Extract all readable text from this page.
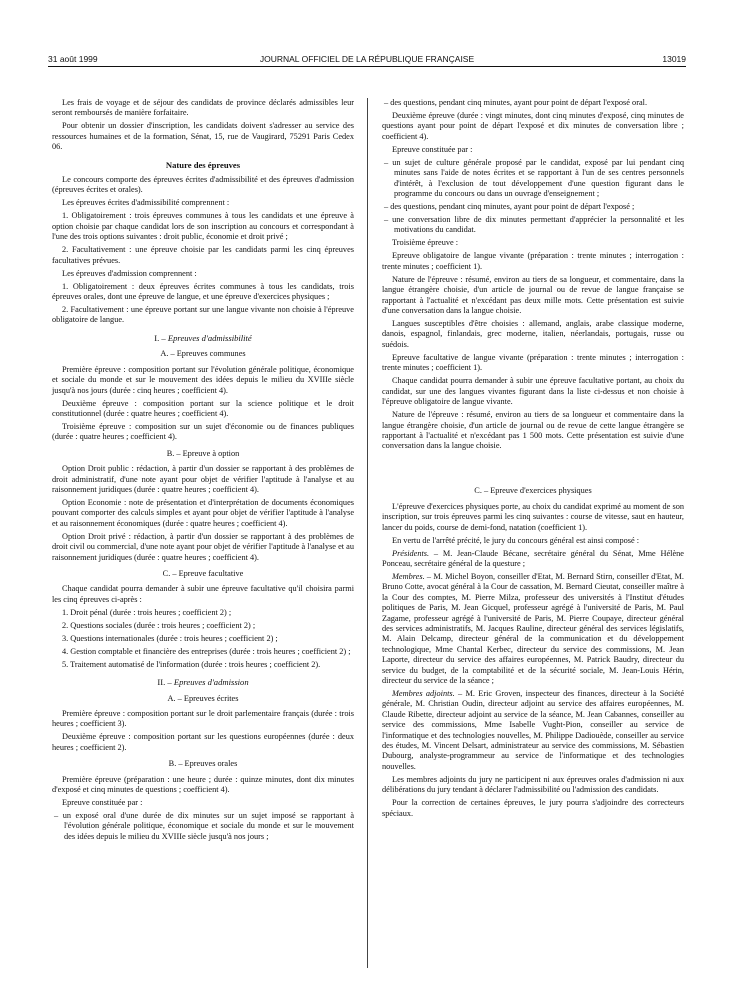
31 août 1999	JOURNAL OFFICIEL DE LA RÉPUBLIQUE FRANÇAISE	13019

Les frais de voyage et de séjour des candidats de province déclarés admissibles leur seront remboursés de manière forfaitaire.

Pour obtenir un dossier d'inscription, les candidats doivent s'adresser au service des ressources humaines et de la formation, Sénat, 15, rue de Vaugirard, 75291 Paris Cedex 06.

Nature des épreuves

Le concours comporte des épreuves écrites d'admissibilité et des épreuves d'admission (épreuves écrites et orales).

Les épreuves écrites d'admissibilité comprennent :

1. Obligatoirement : trois épreuves communes à tous les candidats et une épreuve à option choisie par chaque candidat lors de son inscription au concours et correspondant à l'une des trois options suivantes : droit public, économie et droit privé ;

2. Facultativement : une épreuve choisie par les candidats parmi les cinq épreuves facultatives prévues.

Les épreuves d'admission comprennent :

1. Obligatoirement : deux épreuves écrites communes à tous les candidats, trois épreuves orales, dont une épreuve de langue, et une épreuve d'exercices physiques ;

2. Facultativement : une épreuve portant sur une langue vivante non choisie à l'épreuve obligatoire de langue.

I. – Epreuves d'admissibilité
A. – Epreuves communes

Première épreuve : composition portant sur l'évolution générale politique, économique et sociale du monde et sur le mouvement des idées depuis le milieu du XVIIIe siècle jusqu'à nos jours (durée : cinq heures ; coefficient 4).

Deuxième épreuve : composition portant sur la science politique et le droit constitutionnel (durée : quatre heures ; coefficient 4).

Troisième épreuve : composition sur un sujet d'économie ou de finances publiques (durée : quatre heures ; coefficient 4).

B. – Epreuve à option

Option Droit public : rédaction, à partir d'un dossier se rapportant à des problèmes de droit administratif, d'une note ayant pour objet de vérifier l'aptitude à l'analyse et au raisonnement juridiques (durée : quatre heures ; coefficient 4).

Option Economie : note de présentation et d'interprétation de documents économiques pouvant comporter des calculs simples et ayant pour objet de vérifier l'aptitude à l'analyse et au raisonnement économiques (durée : quatre heures ; coefficient 4).

Option Droit privé : rédaction, à partir d'un dossier se rapportant à des problèmes de droit civil ou commercial, d'une note ayant pour objet de vérifier l'aptitude à l'analyse et au raisonnement juridiques (durée : quatre heures ; coefficient 4).

C. – Epreuve facultative

Chaque candidat pourra demander à subir une épreuve facultative qu'il choisira parmi les cinq épreuves ci-après :

1. Droit pénal (durée : trois heures ; coefficient 2) ;

2. Questions sociales (durée : trois heures ; coefficient 2) ;

3. Questions internationales (durée : trois heures ; coefficient 2) ;

4. Gestion comptable et financière des entreprises (durée : trois heures ; coefficient 2) ;

5. Traitement automatisé de l'information (durée : trois heures ; coefficient 2).

II. – Epreuves d'admission
A. – Epreuves écrites

Première épreuve : composition portant sur le droit parlementaire français (durée : trois heures ; coefficient 3).

Deuxième épreuve : composition portant sur les questions européennes (durée : deux heures ; coefficient 2).

B. – Epreuves orales

Première épreuve (préparation : une heure ; durée : quinze minutes, dont dix minutes d'exposé et cinq minutes de questions ; coefficient 4).

Epreuve constituée par :

– un exposé oral d'une durée de dix minutes sur un sujet imposé se rapportant à l'évolution générale politique, économique et sociale du monde et sur le mouvement des idées depuis le milieu du XVIIIe siècle jusqu'à nos jours ;

– des questions, pendant cinq minutes, ayant pour point de départ l'exposé oral.

Deuxième épreuve (durée : vingt minutes, dont cinq minutes d'exposé, cinq minutes de questions ayant pour point de départ l'exposé et dix minutes de conversation libre ; coefficient 4).

Epreuve constituée par :

– un sujet de culture générale proposé par le candidat, exposé par lui pendant cinq minutes sans l'aide de notes écrites et se rapportant à l'un de ses centres personnels d'intérêt, à l'exclusion de tout développement d'une question figurant dans le programme du concours ou dans un ouvrage d'enseignement ;

– des questions, pendant cinq minutes, ayant pour point de départ l'exposé ;

– une conversation libre de dix minutes permettant d'apprécier la personnalité et les motivations du candidat.

Troisième épreuve :

Epreuve obligatoire de langue vivante (préparation : trente minutes ; interrogation : trente minutes ; coefficient 1).

Nature de l'épreuve : résumé, environ au tiers de sa longueur, et commentaire, dans la langue étrangère choisie, d'un article de journal ou de revue de langue française se rapportant à l'actualité et n'excédant pas deux mille mots. Cette présentation est suivie d'une conversation dans la langue choisie.

Langues susceptibles d'être choisies : allemand, anglais, arabe classique moderne, danois, espagnol, finlandais, grec moderne, italien, néerlandais, portugais, russe ou suédois.

Epreuve facultative de langue vivante (préparation : trente minutes ; interrogation : trente minutes ; coefficient 1).

Chaque candidat pourra demander à subir une épreuve facultative portant, au choix du candidat, sur une des langues vivantes figurant dans la liste ci-dessus et non choisie à l'épreuve obligatoire de langue vivante.

Nature de l'épreuve : résumé, environ au tiers de sa longueur et commentaire dans la langue étrangère choisie, d'un article de journal ou de revue de cette langue étrangère se rapportant à l'actualité et n'excédant pas 1 500 mots. Cette présentation est suivie d'une conversation dans la langue choisie.

C. – Epreuve d'exercices physiques

L'épreuve d'exercices physiques porte, au choix du candidat exprimé au moment de son inscription, sur trois épreuves parmi les cinq suivantes : course de vitesse, saut en hauteur, lancer du poids, course de demi-fond, natation (coefficient 1).

En vertu de l'arrêté précité, le jury du concours général est ainsi composé :

Présidents. – M. Jean-Claude Bécane, secrétaire général du Sénat, Mme Hélène Ponceau, secrétaire général de la questure ;

Membres. – M. Michel Boyon, conseiller d'Etat, M. Bernard Stirn, conseiller d'Etat, M. Bruno Cotte, avocat général à la Cour de cassation, M. Bernard Cieutat, conseiller maître à la Cour des comptes, M. Pierre Milza, professeur des universités à l'Institut d'études politiques de Paris, M. Jean Gicquel, professeur agrégé à l'université de Paris, M. Paul Zagame, professeur agrégé à l'université de Paris, M. Pierre Coupaye, directeur général des services administratifs, M. Jacques Rauline, directeur général des services législatifs, M. Alain Delcamp, directeur général de la communication et du développement technologique, Mme Chantal Kerbec, directeur du service des commissions, M. Jean Laporte, directeur du service des affaires européennes, M. Patrick Baudry, directeur du service du budget, de la comptabilité et de la sécurité sociale, M. Jean-Louis Hérin, directeur du service de la séance ;

Membres adjoints. – M. Eric Groven, inspecteur des finances, directeur à la Société générale, M. Christian Oudin, directeur adjoint au service des affaires européennes, M. Claude Ribette, directeur adjoint au service de la séance, M. Jean Cabannes, conseiller au service des commissions, Mme Isabelle Vught-Pion, conseiller au service de l'informatique et des technologies nouvelles, M. Philippe Dadiouède, conseiller au service des études, M. Vincent Delsart, administrateur au service des commissions, M. Sébastien Dubourg, analyste-programmeur au service de l'informatique et des technologies nouvelles.

Les membres adjoints du jury ne participent ni aux épreuves orales d'admission ni aux délibérations du jury tendant à déclarer l'admissibilité ou l'admission des candidats.

Pour la correction de certaines épreuves, le jury pourra s'adjoindre des correcteurs spéciaux.
